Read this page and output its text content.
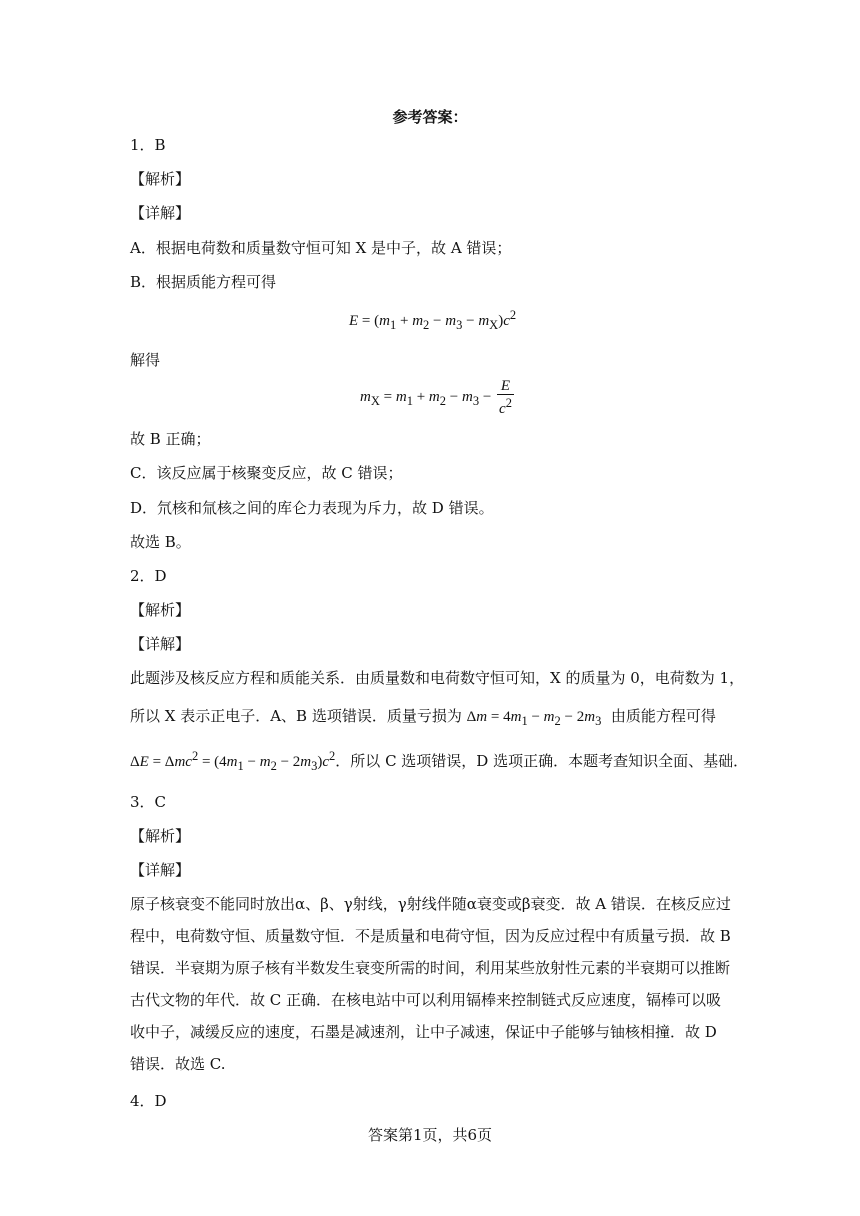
参考答案：
1．B
【解析】
【详解】
A．根据电荷数和质量数守恒可知 X 是中子，故 A 错误；
B．根据质能方程可得
$E = (m_1 + m_2 - m_3 - m_X)c^2$
解得
$m_X = m_1 + m_2 - m_3 - \frac{E}{c^2}$
故 B 正确；
C．该反应属于核聚变反应，故 C 错误；
D．氘核和氚核之间的库仑力表现为斥力，故 D 错误。
故选 B。
2．D
【解析】
【详解】
此题涉及核反应方程和质能关系．由质量数和电荷数守恒可知，X 的质量为 0，电荷数为 1，
所以 X 表示正电子．A、B 选项错误．质量亏损为 $\Delta m = 4m_1 - m_2 - 2m_3$ 由质能方程可得
$\Delta E = \Delta mc^2 = (4m_1 - m_2 - 2m_3)c^2$．所以 C 选项错误，D 选项正确．本题考查知识全面、基础．
3．C
【解析】
【详解】
原子核衰变不能同时放出α、β、γ射线，γ射线伴随α衰变或β衰变．故 A 错误．在核反应过
程中，电荷数守恒、质量数守恒．不是质量和电荷守恒，因为反应过程中有质量亏损．故 B
错误．半衰期为原子核有半数发生衰变所需的时间，利用某些放射性元素的半衰期可以推断
古代文物的年代．故 C 正确．在核电站中可以利用镉棒来控制链式反应速度，镉棒可以吸
收中子，减缓反应的速度，石墨是减速剂，让中子减速，保证中子能够与铀核相撞．故 D
错误．故选 C.
4．D
答案第1页，共6页
